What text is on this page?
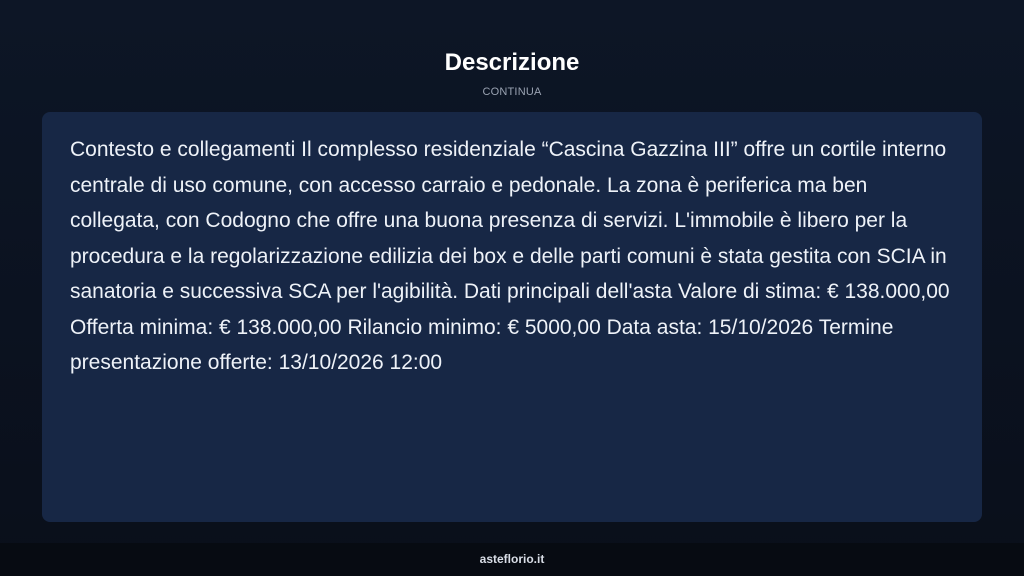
Descrizione
CONTINUA

Contesto e collegamenti Il complesso residenziale “Cascina Gazzina III” offre un cortile interno centrale di uso comune, con accesso carraio e pedonale. La zona è periferica ma ben collegata, con Codogno che offre una buona presenza di servizi. L'immobile è libero per la procedura e la regolarizzazione edilizia dei box e delle parti comuni è stata gestita con SCIA in sanatoria e successiva SCA per l'agibilità. Dati principali dell'asta Valore di stima: € 138.000,00 Offerta minima: € 138.000,00 Rilancio minimo: € 5000,00 Data asta: 15/10/2026 Termine presentazione offerte: 13/10/2026 12:00

asteflorio.it
